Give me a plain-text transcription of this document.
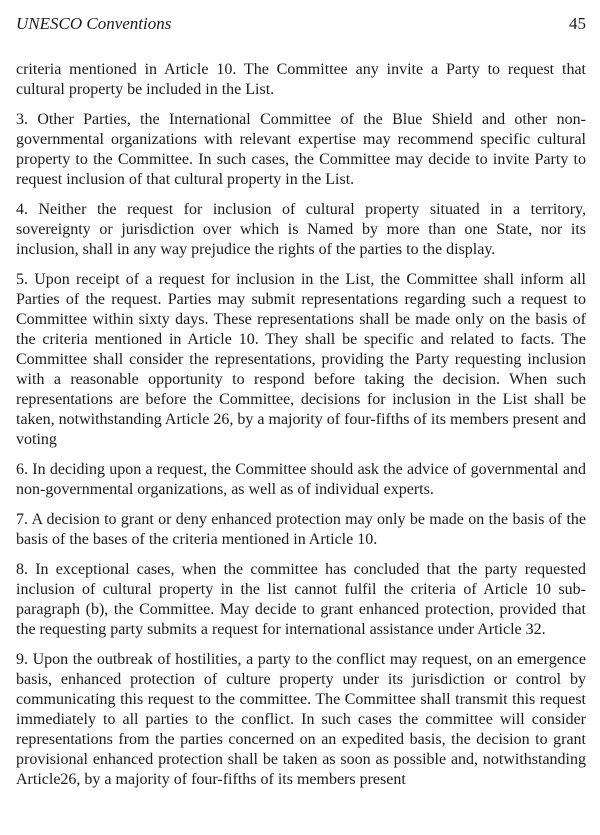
UNESCO Conventions	45

criteria mentioned in Article 10. The Committee any invite a Party to request that cultural property be included in the List.

3. Other Parties, the International Committee of the Blue Shield and other non-governmental organizations with relevant expertise may recommend specific cultural property to the Committee. In such cases, the Committee may decide to invite Party to request inclusion of that cultural property in the List.

4. Neither the request for inclusion of cultural property situated in a territory, sovereignty or jurisdiction over which is Named by more than one State, nor its inclusion, shall in any way prejudice the rights of the parties to the display.

5. Upon receipt of a request for inclusion in the List, the Committee shall inform all Parties of the request. Parties may submit representations regarding such a request to Committee within sixty days. These representations shall be made only on the basis of the criteria mentioned in Article 10. They shall be specific and related to facts. The Committee shall consider the representations, providing the Party requesting inclusion with a reasonable opportunity to respond before taking the decision. When such representations are before the Committee, decisions for inclusion in the List shall be taken, notwithstanding Article 26, by a majority of four-fifths of its members present and voting

6. In deciding upon a request, the Committee should ask the advice of governmental and non-governmental organizations, as well as of individual experts.

7. A decision to grant or deny enhanced protection may only be made on the basis of the basis of the bases of the criteria mentioned in Article 10.

8. In exceptional cases, when the committee has concluded that the party requested inclusion of cultural property in the list cannot fulfil the criteria of Article 10 sub-paragraph (b), the Committee. May decide to grant enhanced protection, provided that the requesting party submits a request for international assistance under Article 32.

9. Upon the outbreak of hostilities, a party to the conflict may request, on an emergence basis, enhanced protection of culture property under its jurisdiction or control by communicating this request to the committee. The Committee shall transmit this request immediately to all parties to the conflict. In such cases the committee will consider representations from the parties concerned on an expedited basis, the decision to grant provisional enhanced protection shall be taken as soon as possible and, notwithstanding Article26, by a majority of four-fifths of its members present
